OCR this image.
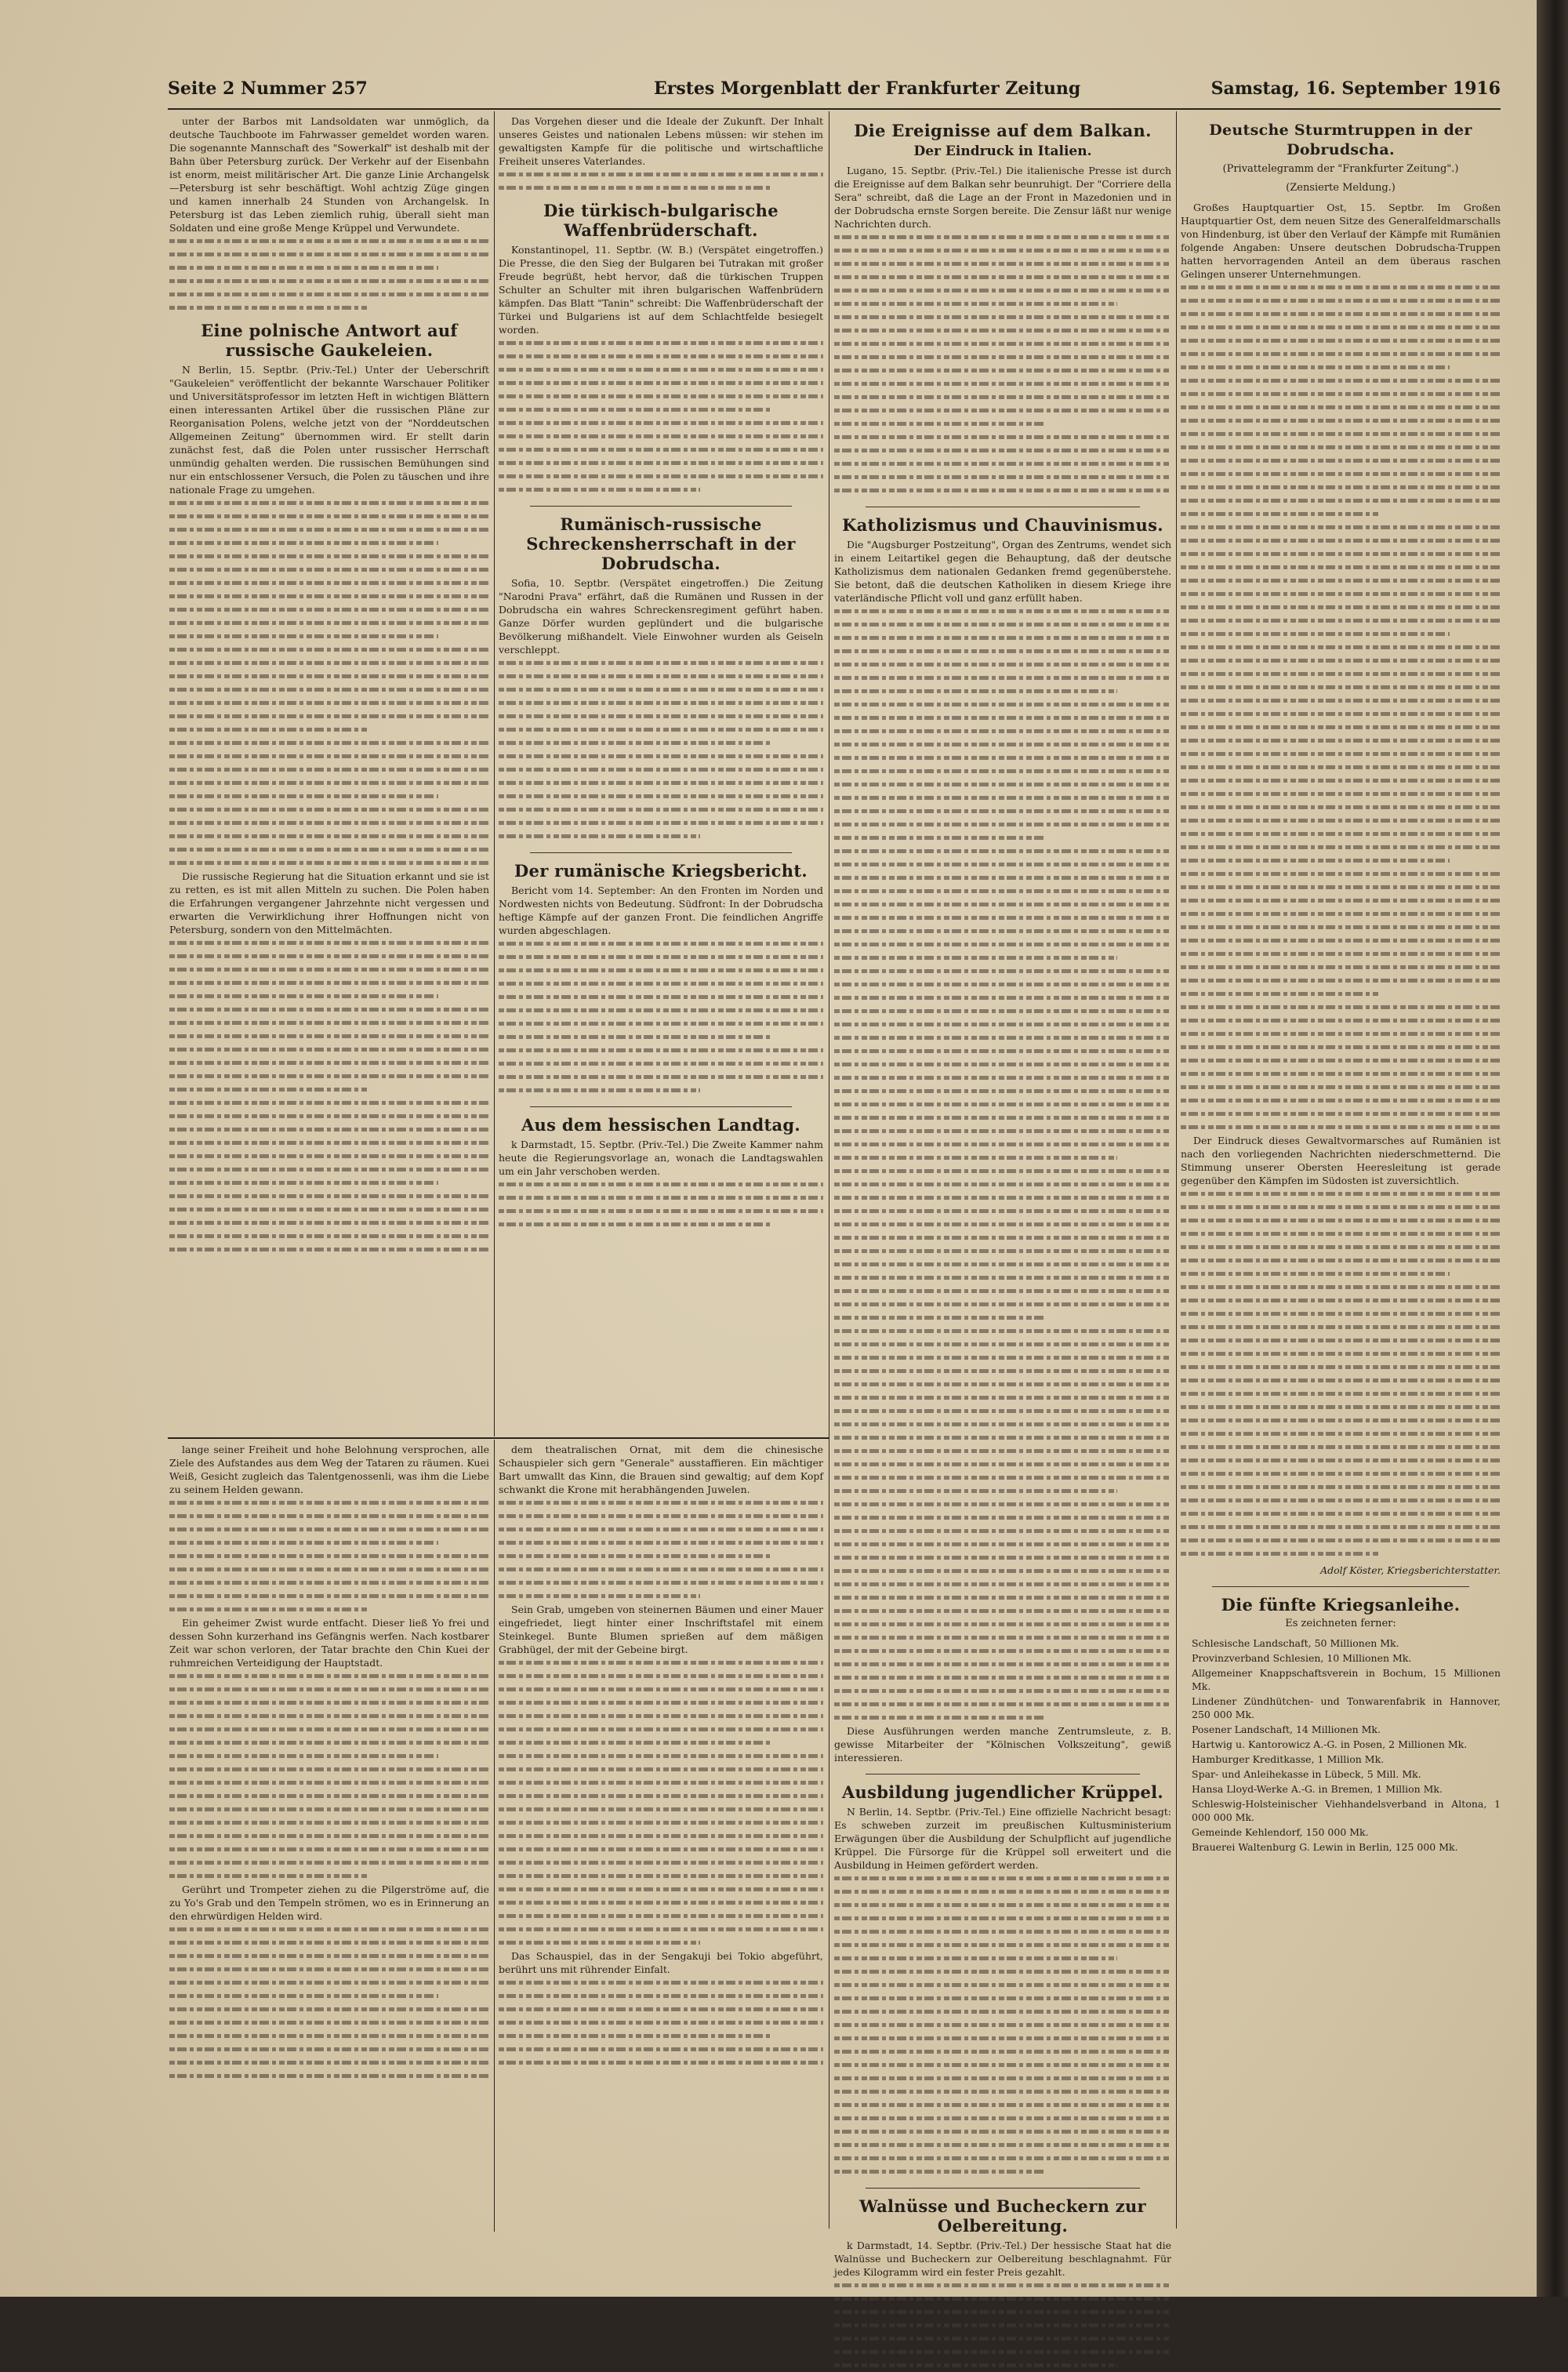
Seite 2 Nummer 257	Erstes Morgenblatt der Frankfurter Zeitung	Samstag, 16. September 1916

unter der Barbos mit Landsoldaten war unmöglich, da deutsche Tauchboote im Fahrwasser gemeldet worden waren. Die sogenannte Mannschaft des "Sowerkalf" ist deshalb mit der Bahn über Petersburg zurück. Der Verkehr auf der Eisenbahn ist enorm, meist militärischer Art. Die ganze Linie Archangelsk—Petersburg ist sehr beschäftigt. Wohl achtzig Züge gingen und kamen innerhalb 24 Stunden von Archangelsk. In Petersburg ist das Leben ziemlich ruhig, überall sieht man Soldaten und eine große Menge Krüppel und Verwundete.

Eine polnische Antwort auf russische Gaukeleien.

N Berlin, 15. Septbr. (Priv.-Tel.) Unter der Ueberschrift "Gaukeleien" veröffentlicht der bekannte Warschauer Politiker und Universitätsprofessor im letzten Heft in wichtigen Blättern einen interessanten Artikel über die russischen Pläne zur Reorganisation Polens, welche jetzt von der "Norddeutschen Allgemeinen Zeitung" übernommen wird. Er stellt darin zunächst fest, daß die Polen unter russischer Herrschaft unmündig gehalten werden. Die russischen Bemühungen sind nur ein entschlossener Versuch, die Polen zu täuschen und ihre nationale Frage zu umgehen.

Die russische Regierung hat die Situation erkannt und sie ist zu retten, es ist mit allen Mitteln zu suchen. Die Polen haben die Erfahrungen vergangener Jahrzehnte nicht vergessen und erwarten die Verwirklichung ihrer Hoffnungen nicht von Petersburg, sondern von den Mittelmächten.

Das Vorgehen dieser und die Ideale der Zukunft. Der Inhalt unseres Geistes und nationalen Lebens müssen: wir stehen im gewaltigsten Kampfe für die politische und wirtschaftliche Freiheit unseres Vaterlandes.

Die türkisch-bulgarische Waffenbrüderschaft.

Konstantinopel, 11. Septbr. (W. B.) (Verspätet eingetroffen.) Die Presse, die den Sieg der Bulgaren bei Tutrakan mit großer Freude begrüßt, hebt hervor, daß die türkischen Truppen Schulter an Schulter mit ihren bulgarischen Waffenbrüdern kämpfen. Das Blatt "Tanin" schreibt: Die Waffenbrüderschaft der Türkei und Bulgariens ist auf dem Schlachtfelde besiegelt worden.

Rumänisch-russische Schreckensherrschaft in der Dobrudscha.

Sofia, 10. Septbr. (Verspätet eingetroffen.) Die Zeitung "Narodni Prava" erfährt, daß die Rumänen und Russen in der Dobrudscha ein wahres Schreckensregiment geführt haben. Ganze Dörfer wurden geplündert und die bulgarische Bevölkerung mißhandelt. Viele Einwohner wurden als Geiseln verschleppt.

Der rumänische Kriegsbericht.

Bericht vom 14. September: An den Fronten im Norden und Nordwesten nichts von Bedeutung. Südfront: In der Dobrudscha heftige Kämpfe auf der ganzen Front. Die feindlichen Angriffe wurden abgeschlagen.

Aus dem hessischen Landtag.

k Darmstadt, 15. Septbr. (Priv.-Tel.) Die Zweite Kammer nahm heute die Regierungsvorlage an, wonach die Landtagswahlen um ein Jahr verschoben werden.

Die Ereignisse auf dem Balkan.
Der Eindruck in Italien.

Lugano, 15. Septbr. (Priv.-Tel.) Die italienische Presse ist durch die Ereignisse auf dem Balkan sehr beunruhigt. Der "Corriere della Sera" schreibt, daß die Lage an der Front in Mazedonien und in der Dobrudscha ernste Sorgen bereite. Die Zensur läßt nur wenige Nachrichten durch.

Katholizismus und Chauvinismus.

Die "Augsburger Postzeitung", Organ des Zentrums, wendet sich in einem Leitartikel gegen die Behauptung, daß der deutsche Katholizismus dem nationalen Gedanken fremd gegenüberstehe. Sie betont, daß die deutschen Katholiken in diesem Kriege ihre vaterländische Pflicht voll und ganz erfüllt haben.

Diese Ausführungen werden manche Zentrumsleute, z. B. gewisse Mitarbeiter der "Kölnischen Volkszeitung", gewiß interessieren.

Ausbildung jugendlicher Krüppel.

N Berlin, 14. Septbr. (Priv.-Tel.) Eine offizielle Nachricht besagt: Es schweben zurzeit im preußischen Kultusministerium Erwägungen über die Ausbildung der Schulpflicht auf jugendliche Krüppel. Die Fürsorge für die Krüppel soll erweitert und die Ausbildung in Heimen gefördert werden.

Walnüsse und Bucheckern zur Oelbereitung.

k Darmstadt, 14. Septbr. (Priv.-Tel.) Der hessische Staat hat die Walnüsse und Bucheckern zur Oelbereitung beschlagnahmt. Für jedes Kilogramm wird ein fester Preis gezahlt.

Deutsche Sturmtruppen in der Dobrudscha.
(Privattelegramm der "Frankfurter Zeitung".)
(Zensierte Meldung.)

Großes Hauptquartier Ost, 15. Septbr. Im Großen Hauptquartier Ost, dem neuen Sitze des Generalfeldmarschalls von Hindenburg, ist über den Verlauf der Kämpfe mit Rumänien folgende Angaben: Unsere deutschen Dobrudscha-Truppen hatten hervorragenden Anteil an dem überaus raschen Gelingen unserer Unternehmungen.

Der Eindruck dieses Gewaltvormarsches auf Rumänien ist nach den vorliegenden Nachrichten niederschmetternd. Die Stimmung unserer Obersten Heeresleitung ist gerade gegenüber den Kämpfen im Südosten ist zuversichtlich.

Adolf Köster, Kriegsberichterstatter.
Die fünfte Kriegsanleihe.
Es zeichneten ferner:

Schlesische Landschaft, 50 Millionen Mk.

Provinzverband Schlesien, 10 Millionen Mk.

Allgemeiner Knappschaftsverein in Bochum, 15 Millionen Mk.

Lindener Zündhütchen- und Tonwarenfabrik in Hannover, 250 000 Mk.

Posener Landschaft, 14 Millionen Mk.

Hartwig u. Kantorowicz A.-G. in Posen, 2 Millionen Mk.

Hamburger Kreditkasse, 1 Million Mk.

Spar- und Anleihekasse in Lübeck, 5 Mill. Mk.

Hansa Lloyd-Werke A.-G. in Bremen, 1 Million Mk.

Schleswig-Holsteinischer Viehhandelsverband in Altona, 1 000 000 Mk.

Gemeinde Kehlendorf, 150 000 Mk.

Brauerei Waltenburg G. Lewin in Berlin, 125 000 Mk.

lange seiner Freiheit und hohe Belohnung versprochen, alle Ziele des Aufstandes aus dem Weg der Tataren zu räumen. Kuei Weiß, Gesicht zugleich das Talentgenossenli, was ihm die Liebe zu seinem Helden gewann.

Ein geheimer Zwist wurde entfacht. Dieser ließ Yo frei und dessen Sohn kurzerhand ins Gefängnis werfen. Nach kostbarer Zeit war schon verloren, der Tatar brachte den Chin Kuei der ruhmreichen Verteidigung der Hauptstadt.

Gerührt und Trompeter ziehen zu die Pilgerströme auf, die zu Yo's Grab und den Tempeln strömen, wo es in Erinnerung an den ehrwürdigen Helden wird.

dem theatralischen Ornat, mit dem die chinesische Schauspieler sich gern "Generale" ausstaffieren. Ein mächtiger Bart umwallt das Kinn, die Brauen sind gewaltig; auf dem Kopf schwankt die Krone mit herabhängenden Juwelen.

Sein Grab, umgeben von steinernen Bäumen und einer Mauer eingefriedet, liegt hinter einer Inschriftstafel mit einem Steinkegel. Bunte Blumen sprießen auf dem mäßigen Grabhügel, der mit der Gebeine birgt.

Das Schauspiel, das in der Sengakuji bei Tokio abgeführt, berührt uns mit rührender Einfalt.
